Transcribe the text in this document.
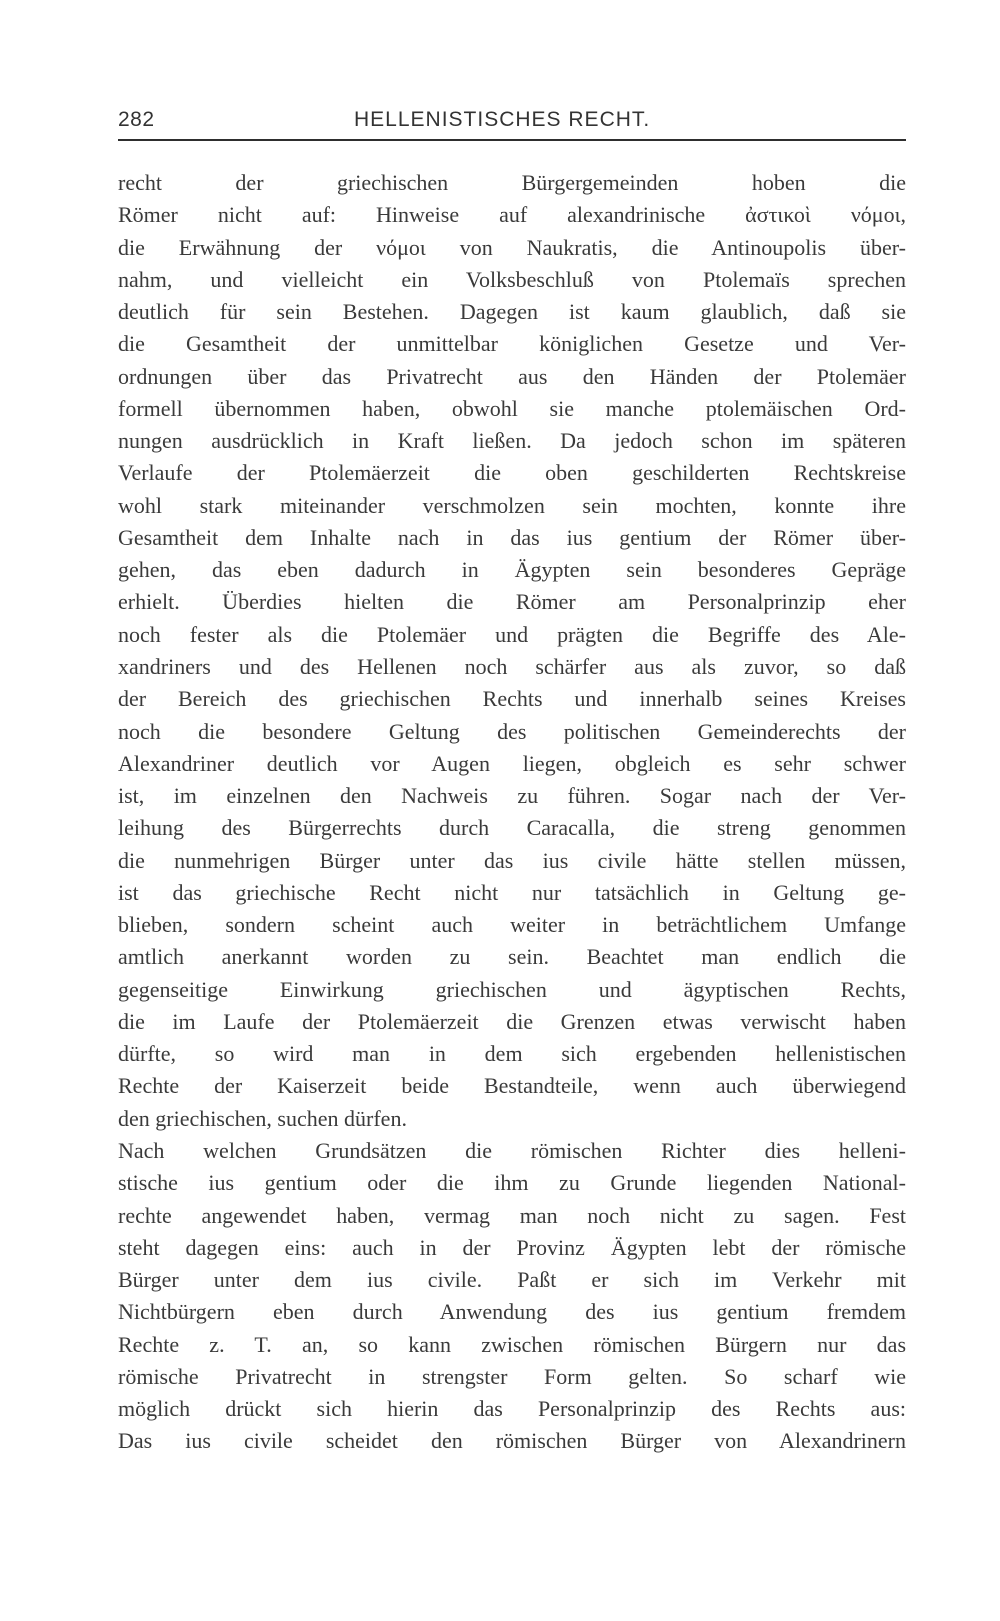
282	HELLENISTISCHES RECHT.
recht der griechischen Bürgergemeinden hoben die
Römer nicht auf: Hinweise auf alexandrinische ἀστικοὶ νόμοι,
die Erwähnung der νόμοι von Naukratis, die Antinoupolis über-
nahm, und vielleicht ein Volksbeschluß von Ptolemaïs sprechen
deutlich für sein Bestehen. Dagegen ist kaum glaublich, daß sie
die Gesamtheit der unmittelbar königlichen Gesetze und Ver-
ordnungen über das Privatrecht aus den Händen der Ptolemäer
formell übernommen haben, obwohl sie manche ptolemäischen Ord-
nungen ausdrücklich in Kraft ließen. Da jedoch schon im späteren
Verlaufe der Ptolemäerzeit die oben geschilderten Rechtskreise
wohl stark miteinander verschmolzen sein mochten, konnte ihre
Gesamtheit dem Inhalte nach in das ius gentium der Römer über-
gehen, das eben dadurch in Ägypten sein besonderes Gepräge
erhielt. Überdies hielten die Römer am Personalprinzip eher
noch fester als die Ptolemäer und prägten die Begriffe des Ale-
xandriners und des Hellenen noch schärfer aus als zuvor, so daß
der Bereich des griechischen Rechts und innerhalb seines Kreises
noch die besondere Geltung des politischen Gemeinderechts der
Alexandriner deutlich vor Augen liegen, obgleich es sehr schwer
ist, im einzelnen den Nachweis zu führen. Sogar nach der Ver-
leihung des Bürgerrechts durch Caracalla, die streng genommen
die nunmehrigen Bürger unter das ius civile hätte stellen müssen,
ist das griechische Recht nicht nur tatsächlich in Geltung ge-
blieben, sondern scheint auch weiter in beträchtlichem Umfange
amtlich anerkannt worden zu sein. Beachtet man endlich die
gegenseitige Einwirkung griechischen und ägyptischen Rechts,
die im Laufe der Ptolemäerzeit die Grenzen etwas verwischt haben
dürfte, so wird man in dem sich ergebenden hellenistischen
Rechte der Kaiserzeit beide Bestandteile, wenn auch überwiegend
den griechischen, suchen dürfen.
Nach welchen Grundsätzen die römischen Richter dies helleni-
stische ius gentium oder die ihm zu Grunde liegenden National-
rechte angewendet haben, vermag man noch nicht zu sagen. Fest
steht dagegen eins: auch in der Provinz Ägypten lebt der römische
Bürger unter dem ius civile. Paßt er sich im Verkehr mit
Nichtbürgern eben durch Anwendung des ius gentium fremdem
Rechte z. T. an, so kann zwischen römischen Bürgern nur das
römische Privatrecht in strengster Form gelten. So scharf wie
möglich drückt sich hierin das Personalprinzip des Rechts aus:
Das ius civile scheidet den römischen Bürger von Alexandrinern
